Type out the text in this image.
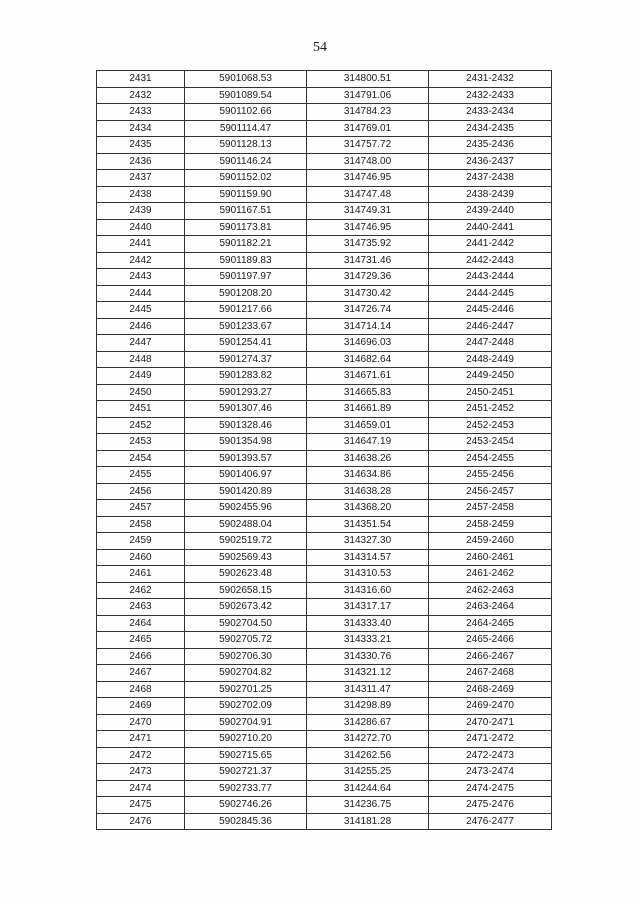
54
2431	5901068.53	314800.51	2431-2432
2432	5901089.54	314791.06	2432-2433
2433	5901102.66	314784.23	2433-2434
2434	5901114.47	314769.01	2434-2435
2435	5901128.13	314757.72	2435-2436
2436	5901146.24	314748.00	2436-2437
2437	5901152.02	314746.95	2437-2438
2438	5901159.90	314747.48	2438-2439
2439	5901167.51	314749.31	2439-2440
2440	5901173.81	314746.95	2440-2441
2441	5901182.21	314735.92	2441-2442
2442	5901189.83	314731.46	2442-2443
2443	5901197.97	314729.36	2443-2444
2444	5901208.20	314730.42	2444-2445
2445	5901217.66	314726.74	2445-2446
2446	5901233.67	314714.14	2446-2447
2447	5901254.41	314696.03	2447-2448
2448	5901274.37	314682.64	2448-2449
2449	5901283.82	314671.61	2449-2450
2450	5901293.27	314665.83	2450-2451
2451	5901307.46	314661.89	2451-2452
2452	5901328.46	314659.01	2452-2453
2453	5901354.98	314647.19	2453-2454
2454	5901393.57	314638.26	2454-2455
2455	5901406.97	314634.86	2455-2456
2456	5901420.89	314638.28	2456-2457
2457	5902455.96	314368.20	2457-2458
2458	5902488.04	314351.54	2458-2459
2459	5902519.72	314327.30	2459-2460
2460	5902569.43	314314.57	2460-2461
2461	5902623.48	314310.53	2461-2462
2462	5902658.15	314316.60	2462-2463
2463	5902673.42	314317.17	2463-2464
2464	5902704.50	314333.40	2464-2465
2465	5902705.72	314333.21	2465-2466
2466	5902706.30	314330.76	2466-2467
2467	5902704.82	314321.12	2467-2468
2468	5902701.25	314311.47	2468-2469
2469	5902702.09	314298.89	2469-2470
2470	5902704.91	314286.67	2470-2471
2471	5902710.20	314272.70	2471-2472
2472	5902715.65	314262.56	2472-2473
2473	5902721.37	314255.25	2473-2474
2474	5902733.77	314244.64	2474-2475
2475	5902746.26	314236.75	2475-2476
2476	5902845.36	314181.28	2476-2477
